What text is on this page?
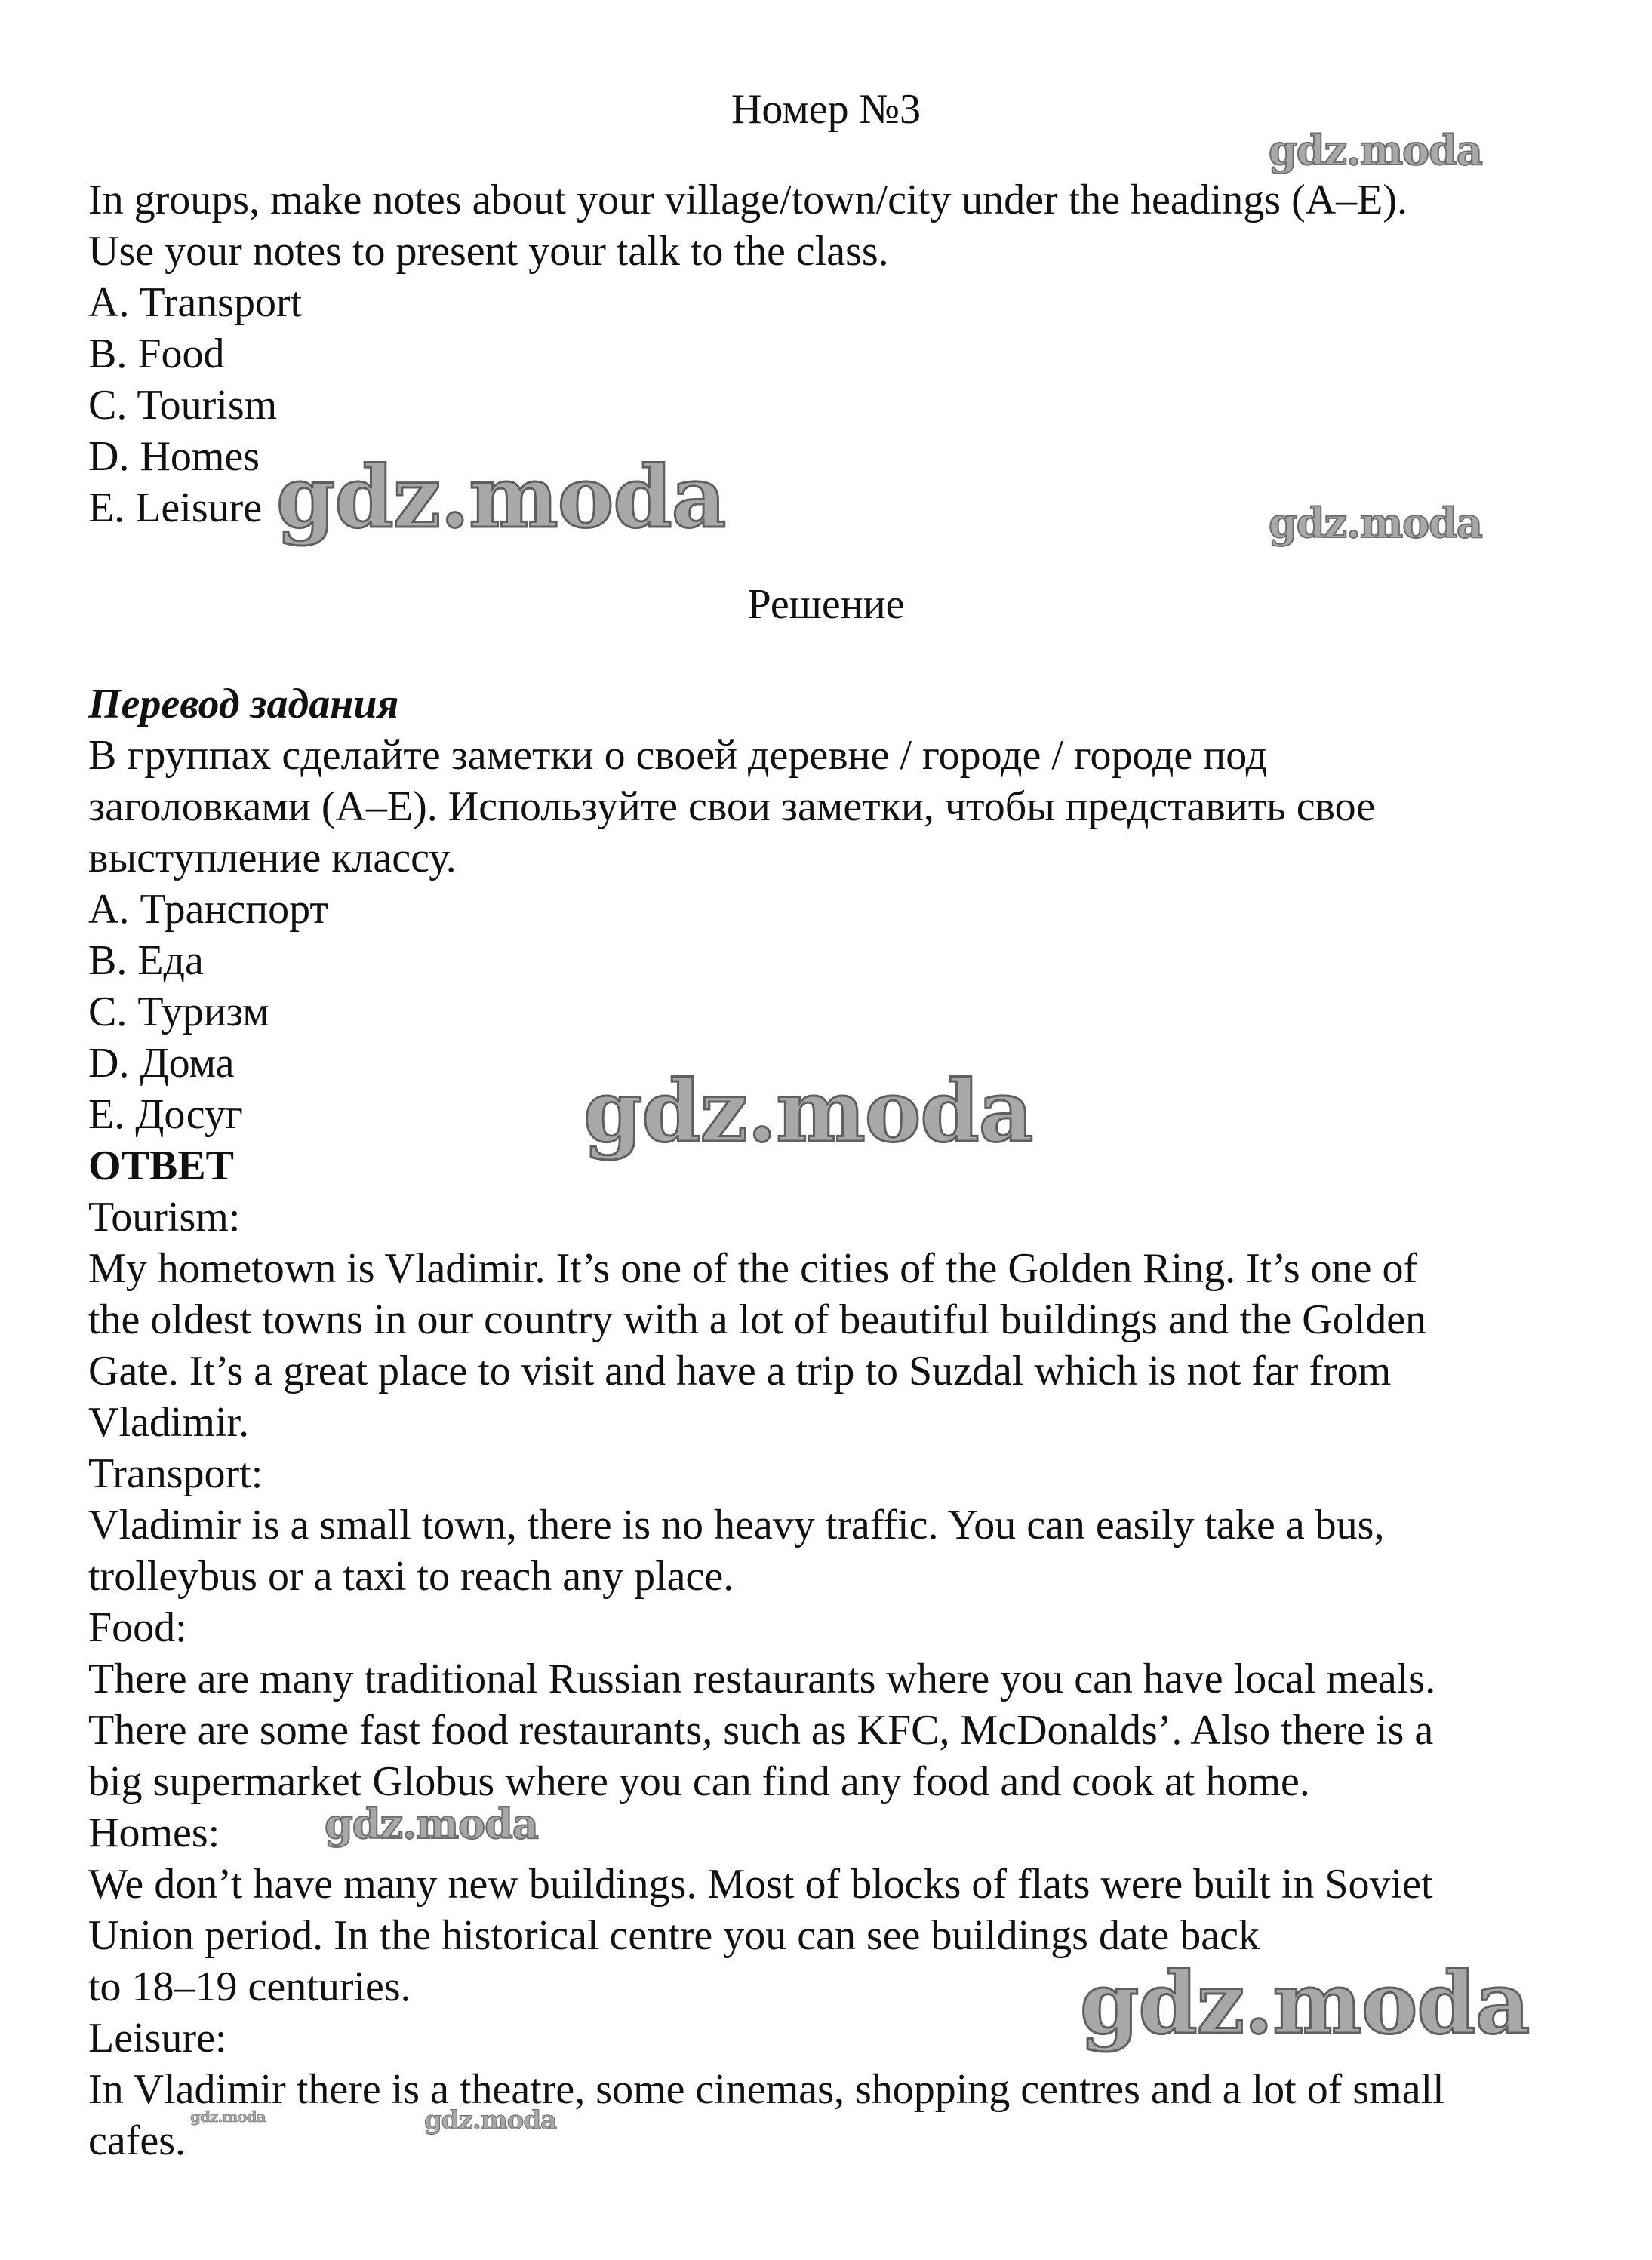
Номер №3
In groups, make notes about your village/town/city under the headings (A–E).
Use your notes to present your talk to the class.
A. Transport
B. Food
C. Tourism
D. Homes
E. Leisure
Решение
Перевод задания
В группах сделайте заметки о своей деревне / городе / городе под
заголовками (A–E). Используйте свои заметки, чтобы представить свое
выступление классу.
A. Транспорт
B. Еда
C. Туризм
D. Дома
E. Досуг
ОТВЕТ
Tourism:
My hometown is Vladimir. It’s one of the cities of the Golden Ring. It’s one of
the oldest towns in our country with a lot of beautiful buildings and the Golden
Gate. It’s a great place to visit and have a trip to Suzdal which is not far from
Vladimir.
Transport:
Vladimir is a small town, there is no heavy traffic. You can easily take a bus,
trolleybus or a taxi to reach any place.
Food:
There are many traditional Russian restaurants where you can have local meals.
There are some fast food restaurants, such as KFC, McDonalds’. Also there is a
big supermarket Globus where you can find any food and cook at home.
Homes:
We don’t have many new buildings. Most of blocks of flats were built in Soviet
Union period. In the historical centre you can see buildings date back
to 18–19 centuries.
Leisure:
In Vladimir there is a theatre, some cinemas, shopping centres and a lot of small
cafes.
gdz.moda
gdz.moda	gdz.moda
gdz.moda
gdz.moda
gdz.moda
gdz.moda	gdz.moda
